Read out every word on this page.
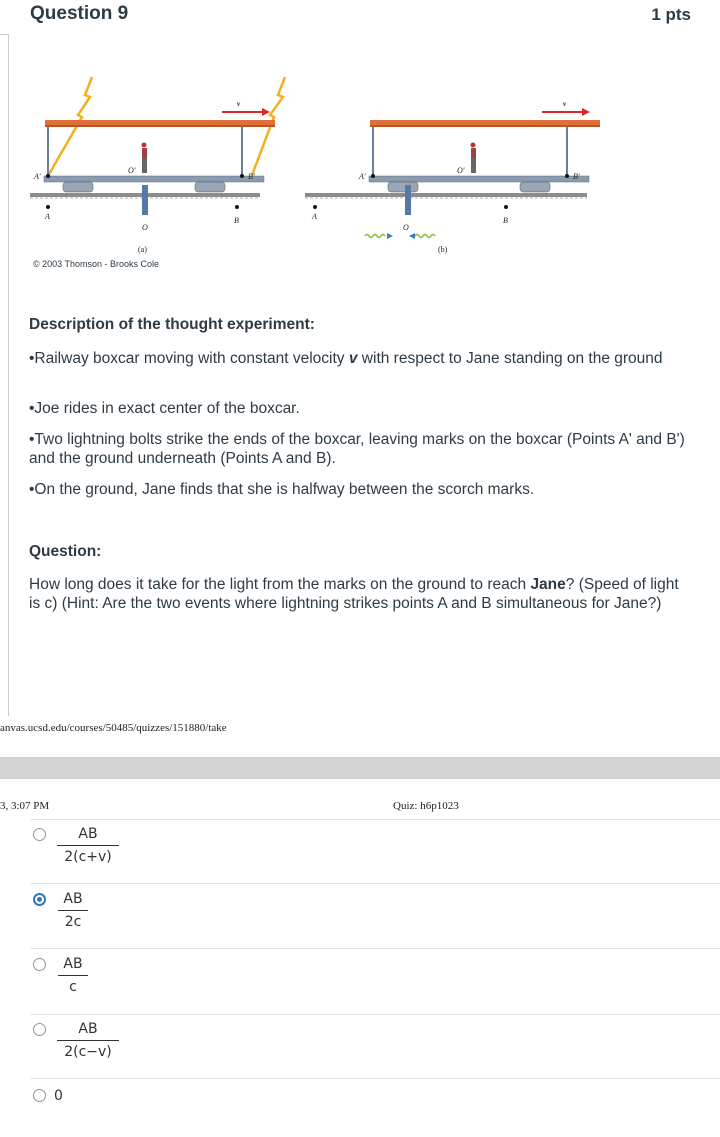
Question 9	1 pts
v
A'	B'
O'
A	B
O
(a)
v
A'	B'
O'
A	B
O
(b)
© 2003 Thomson - Brooks Cole
Description of the thought experiment:
•Railway boxcar moving with constant velocity v with respect to Jane standing on the ground
•Joe rides in exact center of the boxcar.
•Two lightning bolts strike the ends of the boxcar, leaving marks on the boxcar (Points A' and B') and the ground underneath (Points A and B).
•On the ground, Jane finds that she is halfway between the scorch marks.
Question:
How long does it take for the light from the marks on the ground to reach Jane? (Speed of light is c) (Hint: Are the two events where lightning strikes points A and B simultaneous for Jane?)
anvas.ucsd.edu/courses/50485/quizzes/151880/take
3, 3:07 PM	Quiz: h6p1023
AB
2(c+v)
AB
2c
AB
c
AB
2(c−v)
0
